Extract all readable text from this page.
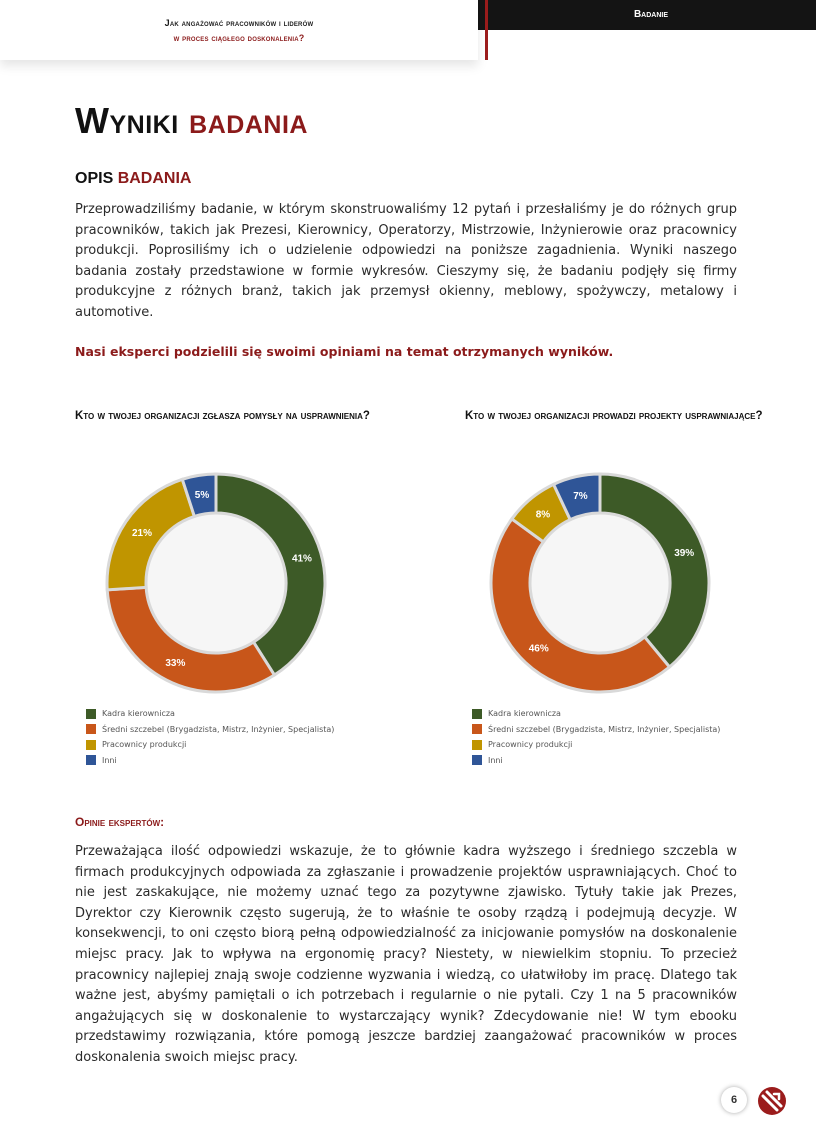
Jak angażować pracowników i liderów
w proces ciągłego doskonalenia?
Badanie
Wyniki badania
OPIS BADANIA

Przeprowadziliśmy badanie, w którym skonstruowaliśmy 12 pytań i przesłaliśmy je do różnych grup pracowników, takich jak Prezesi, Kierownicy, Operatorzy, Mistrzowie, Inżynierowie oraz pracownicy produkcji. Poprosiliśmy ich o udzielenie odpowiedzi na poniższe zagadnienia. Wyniki naszego badania zostały przedstawione w formie wykresów. Cieszymy się, że badaniu podjęły się firmy produkcyjne z różnych branż, takich jak przemysł okienny, meblowy, spożywczy, metalowy i automotive.

Nasi eksperci podzielili się swoimi opiniami na temat otrzymanych wyników.

Kto w twojej organizacji zgłasza pomysły na usprawnienia?	Kto w twojej organizacji prowadzi projekty usprawniające?
41%
33%
21%
5%
39%
46%
8%
7%
Kadra kierownicza
Średni szczebel (Brygadzista, Mistrz, Inżynier, Specjalista)
Pracownicy produkcji
Inni
Kadra kierownicza
Średni szczebel (Brygadzista, Mistrz, Inżynier, Specjalista)
Pracownicy produkcji
Inni
Opinie ekspertów:

Przeważająca ilość odpowiedzi wskazuje, że to głównie kadra wyższego i średniego szczebla w firmach produkcyjnych odpowiada za zgłaszanie i prowadzenie projektów usprawniających. Choć to nie jest zaskakujące, nie możemy uznać tego za pozytywne zjawisko. Tytuły takie jak Prezes, Dyrektor czy Kierownik często sugerują, że to właśnie te osoby rządzą i podejmują decyzje. W konsekwencji, to oni często biorą pełną odpowiedzialność za inicjowanie pomysłów na doskonalenie miejsc pracy. Jak to wpływa na ergonomię pracy? Niestety, w niewielkim stopniu. To przecież pracownicy najlepiej znają swoje codzienne wyzwania i wiedzą, co ułatwiłoby im pracę. Dlatego tak ważne jest, abyśmy pamiętali o ich potrzebach i regularnie o nie pytali. Czy 1 na 5 pracowników angażujących się w doskonalenie to wystarczający wynik? Zdecydowanie nie! W tym ebooku przedstawimy rozwiązania, które pomogą jeszcze bardziej zaangażować pracowników w proces doskonalenia swoich miejsc pracy.

6
